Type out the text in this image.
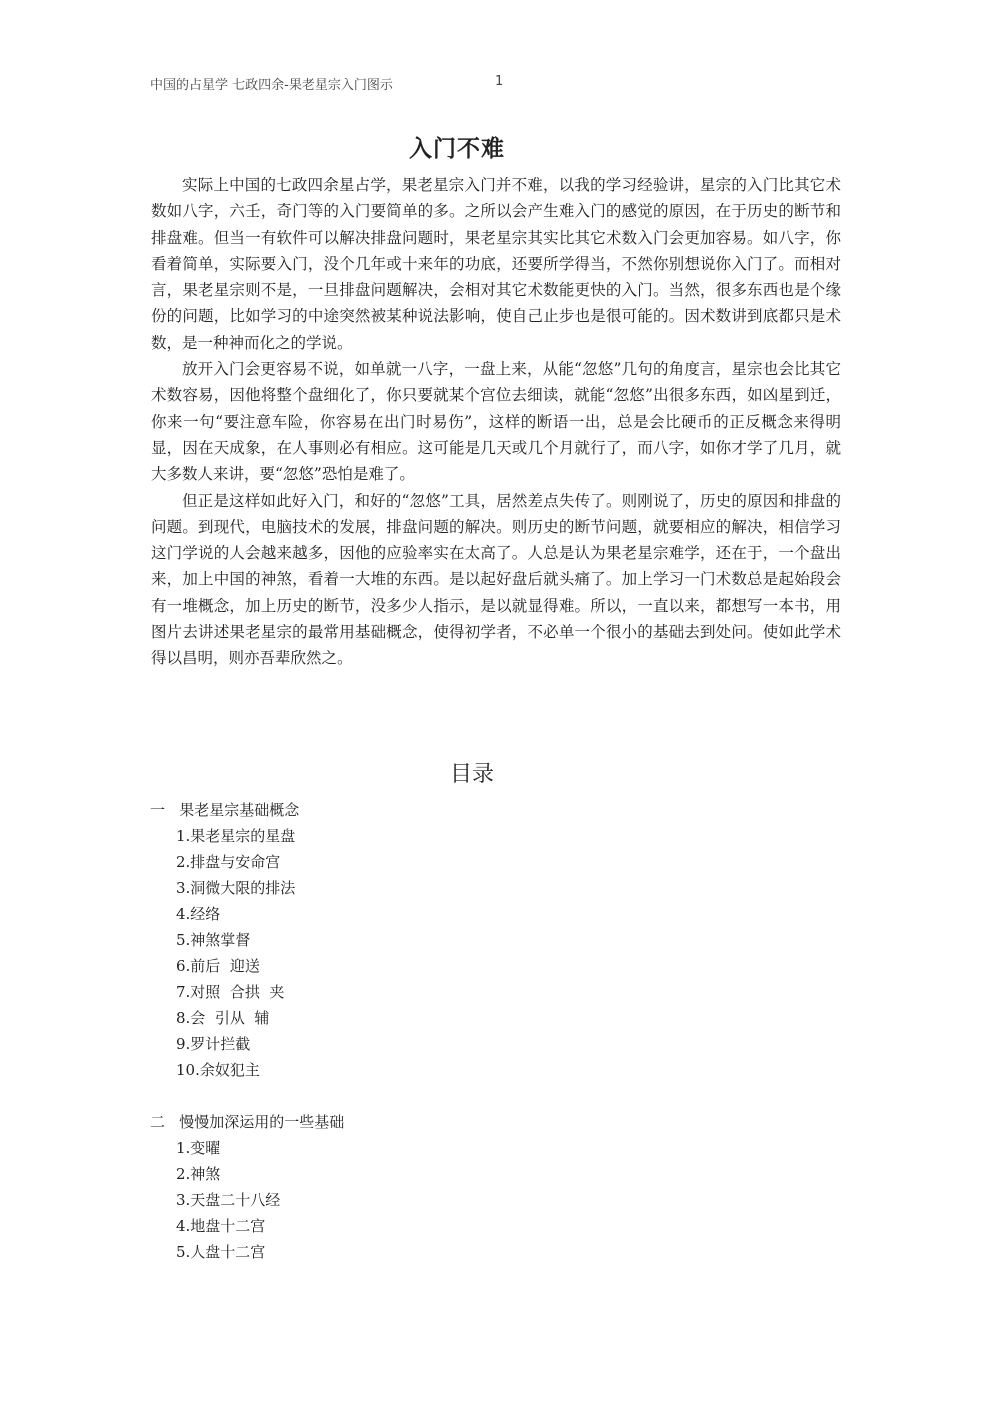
中国的占星学 七政四余-果老星宗入门图示	1
入门不难

实际上中国的七政四余星占学，果老星宗入门并不难，以我的学习经验讲，星宗的入门比其它术数如八字，六壬，奇门等的入门要简单的多。之所以会产生难入门的感觉的原因，在于历史的断节和排盘难。但当一有软件可以解决排盘问题时，果老星宗其实比其它术数入门会更加容易。如八字，你看着简单，实际要入门，没个几年或十来年的功底，还要所学得当，不然你别想说你入门了。而相对言，果老星宗则不是，一旦排盘问题解决，会相对其它术数能更快的入门。当然，很多东西也是个缘份的问题，比如学习的中途突然被某种说法影响，使自己止步也是很可能的。因术数讲到底都只是术数，是一种神而化之的学说。

放开入门会更容易不说，如单就一八字，一盘上来，从能“忽悠”几句的角度言，星宗也会比其它术数容易，因他将整个盘细化了，你只要就某个宫位去细读，就能“忽悠”出很多东西，如凶星到迁，你来一句“要注意车险，你容易在出门时易伤”，这样的断语一出，总是会比硬币的正反概念来得明显，因在天成象，在人事则必有相应。这可能是几天或几个月就行了，而八字，如你才学了几月，就大多数人来讲，要“忽悠”恐怕是难了。

但正是这样如此好入门，和好的“忽悠”工具，居然差点失传了。则刚说了，历史的原因和排盘的问题。到现代，电脑技术的发展，排盘问题的解决。则历史的断节问题，就要相应的解决，相信学习这门学说的人会越来越多，因他的应验率实在太高了。人总是认为果老星宗难学，还在于，一个盘出来，加上中国的神煞，看着一大堆的东西。是以起好盘后就头痛了。加上学习一门术数总是起始段会有一堆概念，加上历史的断节，没多少人指示，是以就显得难。所以，一直以来，都想写一本书，用图片去讲述果老星宗的最常用基础概念，使得初学者，不必单一个很小的基础去到处问。使如此学术得以昌明，则亦吾辈欣然之。

目录
一   果老星宗基础概念
1.果老星宗的星盘
2.排盘与安命宫
3.洞微大限的排法
4.经络
5.神煞掌督
6.前后  迎送
7.对照  合拱  夹
8.会  引从  辅
9.罗计拦截
10.余奴犯主
二   慢慢加深运用的一些基础
1.变曜
2.神煞
3.天盘二十八经
4.地盘十二宫
5.人盘十二宫
